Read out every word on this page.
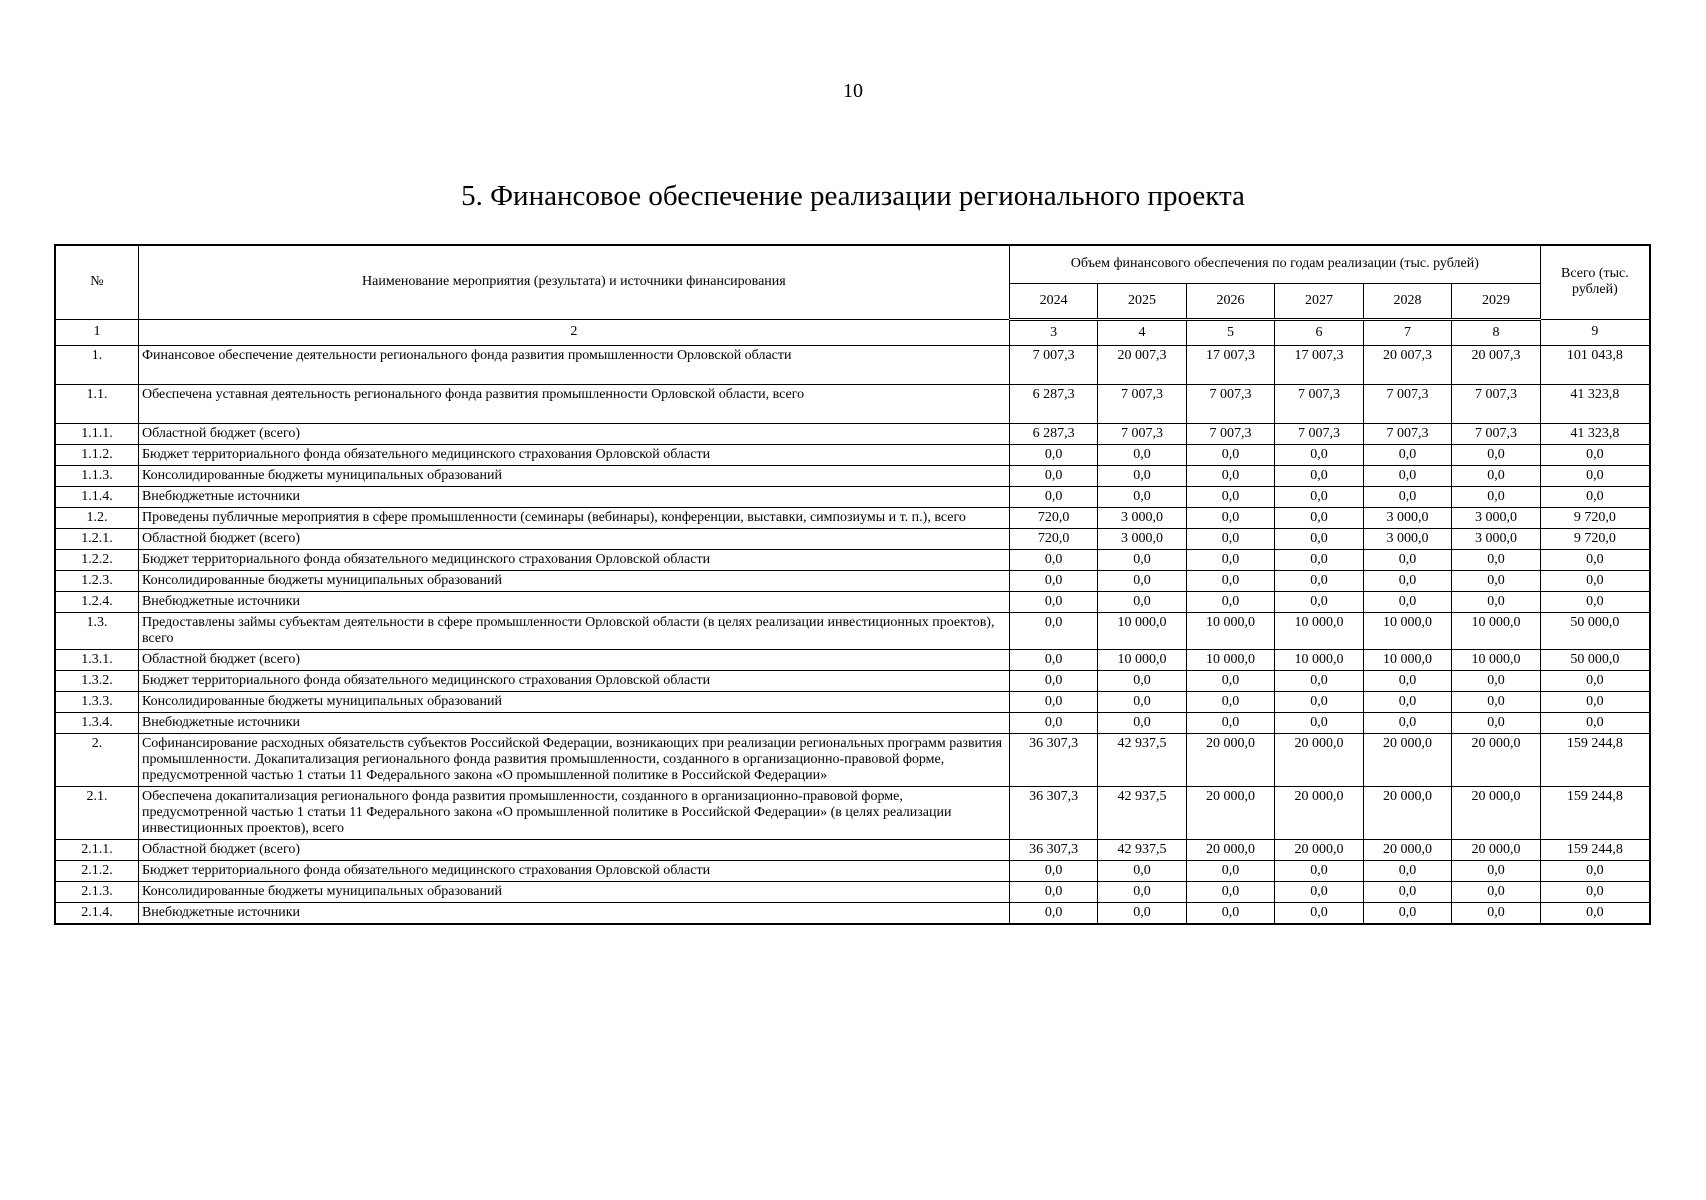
10
5. Финансовое обеспечение реализации регионального проекта
№	Наименование мероприятия (результата) и источники финансирования	Объем финансового обеспечения по годам реализации (тыс. рублей)						Всего (тыс. рублей)
		2024	2025	2026	2027	2028	2029	
1	2	3	4	5	6	7	8	9
1.	Финансовое обеспечение деятельности регионального фонда развития промышленности Орловской области	7 007,3	20 007,3	17 007,3	17 007,3	20 007,3	20 007,3	101 043,8
1.1.	Обеспечена уставная деятельность регионального фонда развития промышленности Орловской области, всего	6 287,3	7 007,3	7 007,3	7 007,3	7 007,3	7 007,3	41 323,8
1.1.1.	Областной бюджет (всего)	6 287,3	7 007,3	7 007,3	7 007,3	7 007,3	7 007,3	41 323,8
1.1.2.	Бюджет территориального фонда обязательного медицинского страхования Орловской области	0,0	0,0	0,0	0,0	0,0	0,0	0,0
1.1.3.	Консолидированные бюджеты муниципальных образований	0,0	0,0	0,0	0,0	0,0	0,0	0,0
1.1.4.	Внебюджетные источники	0,0	0,0	0,0	0,0	0,0	0,0	0,0
1.2.	Проведены публичные мероприятия в сфере промышленности (семинары (вебинары), конференции, выставки, симпозиумы и т. п.), всего	720,0	3 000,0	0,0	0,0	3 000,0	3 000,0	9 720,0
1.2.1.	Областной бюджет (всего)	720,0	3 000,0	0,0	0,0	3 000,0	3 000,0	9 720,0
1.2.2.	Бюджет территориального фонда обязательного медицинского страхования Орловской области	0,0	0,0	0,0	0,0	0,0	0,0	0,0
1.2.3.	Консолидированные бюджеты муниципальных образований	0,0	0,0	0,0	0,0	0,0	0,0	0,0
1.2.4.	Внебюджетные источники	0,0	0,0	0,0	0,0	0,0	0,0	0,0
1.3.	Предоставлены займы субъектам деятельности в сфере промышленности Орловской области (в целях реализации инвестиционных проектов), всего	0,0	10 000,0	10 000,0	10 000,0	10 000,0	10 000,0	50 000,0
1.3.1.	Областной бюджет (всего)	0,0	10 000,0	10 000,0	10 000,0	10 000,0	10 000,0	50 000,0
1.3.2.	Бюджет территориального фонда обязательного медицинского страхования Орловской области	0,0	0,0	0,0	0,0	0,0	0,0	0,0
1.3.3.	Консолидированные бюджеты муниципальных образований	0,0	0,0	0,0	0,0	0,0	0,0	0,0
1.3.4.	Внебюджетные источники	0,0	0,0	0,0	0,0	0,0	0,0	0,0
2.	Софинансирование расходных обязательств субъектов Российской Федерации, возникающих при реализации региональных программ развития промышленности. Докапитализация регионального фонда развития промышленности, созданного в организационно-правовой форме, предусмотренной частью 1 статьи 11 Федерального закона «О промышленной политике в Российской Федерации»	36 307,3	42 937,5	20 000,0	20 000,0	20 000,0	20 000,0	159 244,8
2.1.	Обеспечена докапитализация регионального фонда развития промышленности, созданного в организационно-правовой форме, предусмотренной частью 1 статьи 11 Федерального закона «О промышленной политике в Российской Федерации» (в целях реализации инвестиционных проектов), всего	36 307,3	42 937,5	20 000,0	20 000,0	20 000,0	20 000,0	159 244,8
2.1.1.	Областной бюджет (всего)	36 307,3	42 937,5	20 000,0	20 000,0	20 000,0	20 000,0	159 244,8
2.1.2.	Бюджет территориального фонда обязательного медицинского страхования Орловской области	0,0	0,0	0,0	0,0	0,0	0,0	0,0
2.1.3.	Консолидированные бюджеты муниципальных образований	0,0	0,0	0,0	0,0	0,0	0,0	0,0
2.1.4.	Внебюджетные источники	0,0	0,0	0,0	0,0	0,0	0,0	0,0
